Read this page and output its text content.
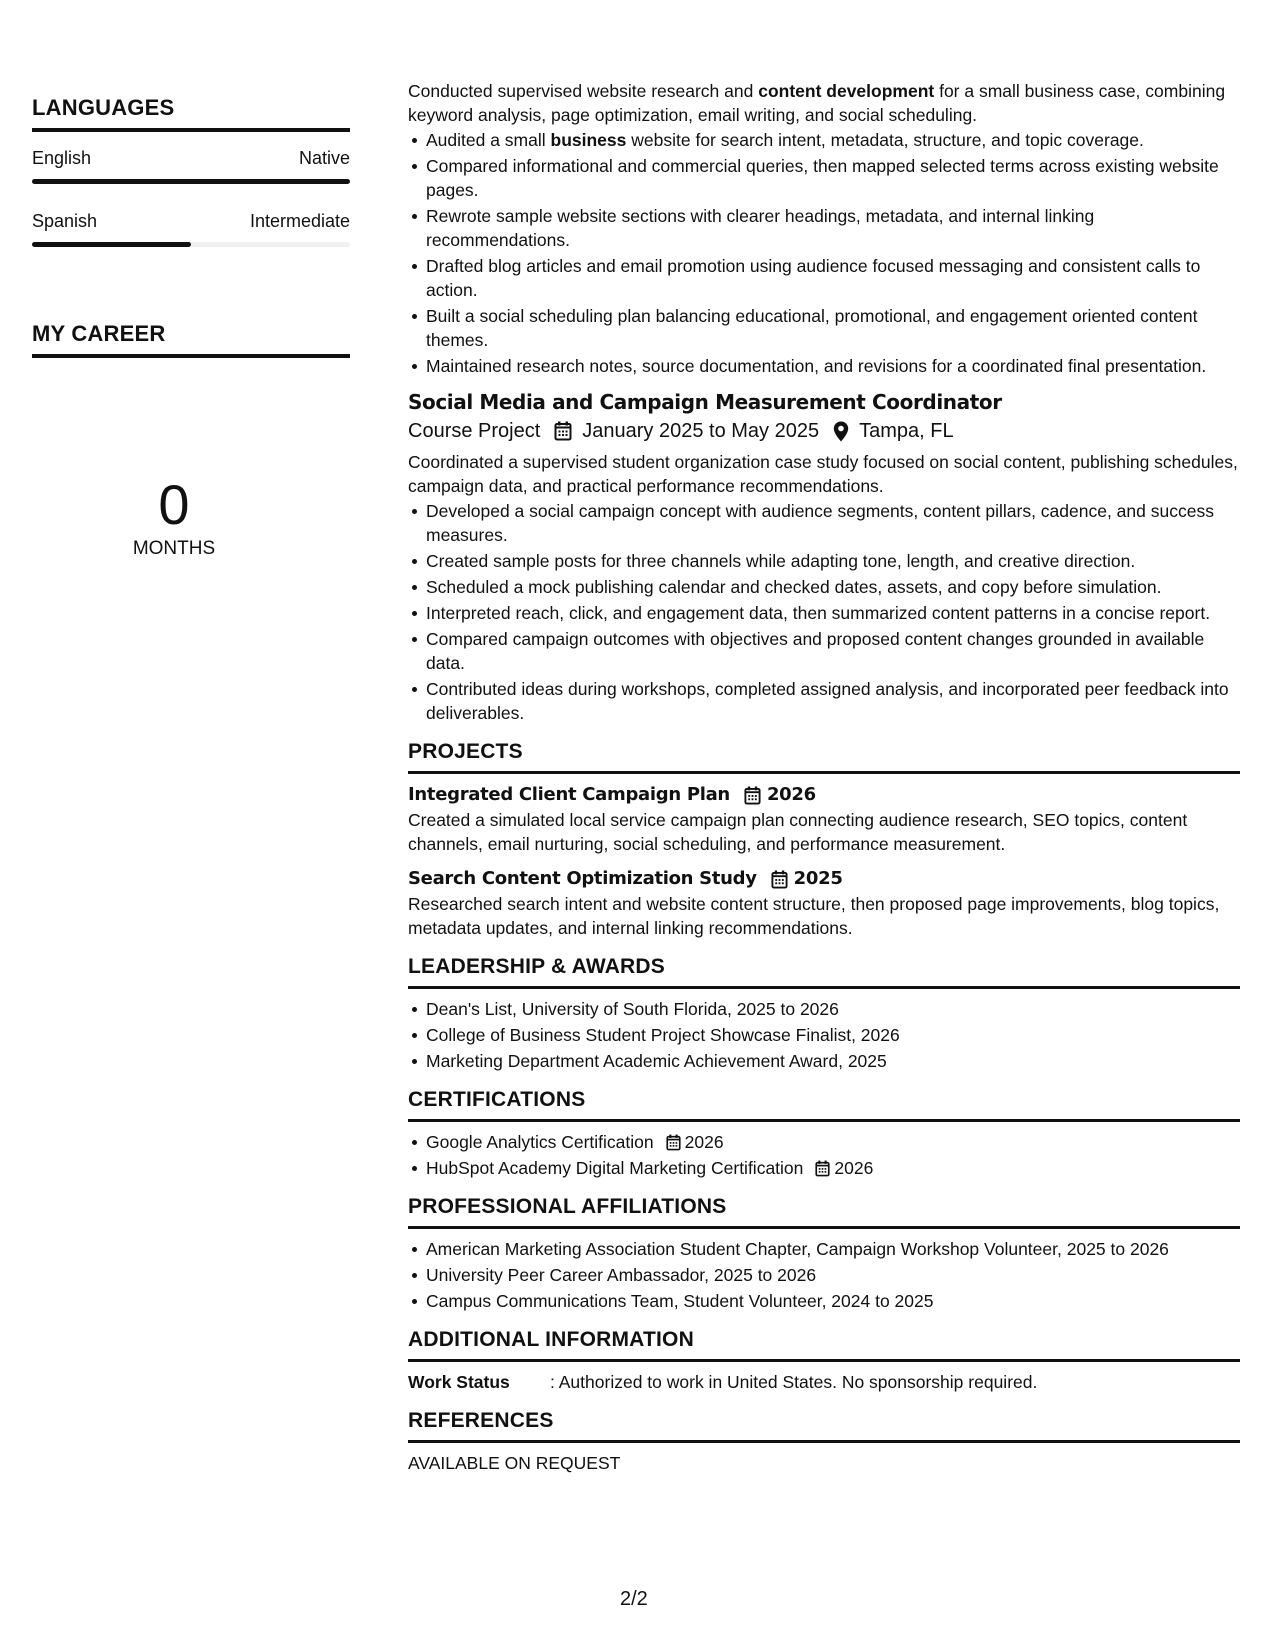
LANGUAGES
English	Native
Spanish	Intermediate
MY CAREER
0
MONTHS

Conducted supervised website research and content development for a small business case, combining keyword analysis, page optimization, email writing, and social scheduling.

Audited a small business website for search intent, metadata, structure, and topic coverage.
Compared informational and commercial queries, then mapped selected terms across existing website pages.
Rewrote sample website sections with clearer headings, metadata, and internal linking recommendations.
Drafted blog articles and email promotion using audience focused messaging and consistent calls to action.
Built a social scheduling plan balancing educational, promotional, and engagement oriented content themes.
Maintained research notes, source documentation, and revisions for a coordinated final presentation.
Social Media and Campaign Measurement Coordinator
Course Project January 2025 to May 2025 Tampa, FL

Coordinated a supervised student organization case study focused on social content, publishing schedules, campaign data, and practical performance recommendations.

Developed a social campaign concept with audience segments, content pillars, cadence, and success measures.
Created sample posts for three channels while adapting tone, length, and creative direction.
Scheduled a mock publishing calendar and checked dates, assets, and copy before simulation.
Interpreted reach, click, and engagement data, then summarized content patterns in a concise report.
Compared campaign outcomes with objectives and proposed content changes grounded in available data.
Contributed ideas during workshops, completed assigned analysis, and incorporated peer feedback into deliverables.
PROJECTS
Integrated Client Campaign Plan 2026

Created a simulated local service campaign plan connecting audience research, SEO topics, content channels, email nurturing, social scheduling, and performance measurement.

Search Content Optimization Study 2025

Researched search intent and website content structure, then proposed page improvements, blog topics, metadata updates, and internal linking recommendations.

LEADERSHIP & AWARDS
Dean's List, University of South Florida, 2025 to 2026
College of Business Student Project Showcase Finalist, 2026
Marketing Department Academic Achievement Award, 2025
CERTIFICATIONS
Google Analytics Certification 2026
HubSpot Academy Digital Marketing Certification 2026
PROFESSIONAL AFFILIATIONS
American Marketing Association Student Chapter, Campaign Workshop Volunteer, 2025 to 2026
University Peer Career Ambassador, 2025 to 2026
Campus Communications Team, Student Volunteer, 2024 to 2025
ADDITIONAL INFORMATION
Work Status	: Authorized to work in United States. No sponsorship required.
REFERENCES
AVAILABLE ON REQUEST
2/2
